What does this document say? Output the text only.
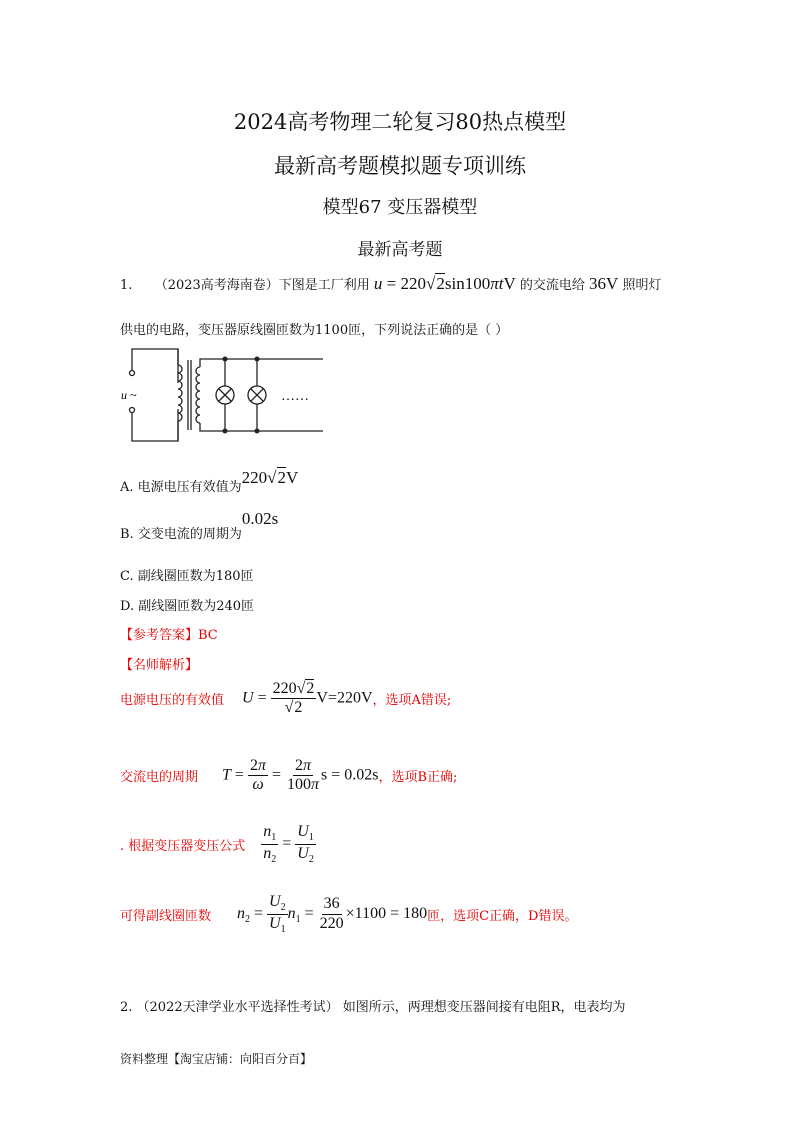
2024高考物理二轮复习80热点模型
最新高考题模拟题专项训练
模型67 变压器模型
最新高考题
1. （2023高考海南卷）下图是工厂利用 u = 220√2sin100πtV 的交流电给 36V 照明灯
供电的电路，变压器原线圈匝数为1100匝，下列说法正确的是（ ）
u ~	……
A. 电源电压有效值为220√2V
B. 交变电流的周期为0.02s
C. 副线圈匝数为180匝
D. 副线圈匝数为240匝
【参考答案】BC
【名师解析】
电源电压的有效值 $U = \frac{220√2}{√2} V=220V$ ，选项A错误;
交流电的周期 $T = \frac{2\pi}{\omega} = \frac{2\pi}{100\pi}$ s = 0.02s ，选项B正确;
. 根据变压器变压公式 $\frac{n_1}{n_2} = \frac{U_1}{U_2}$
可得副线圈匝数 $n_2 = \frac{U_2}{U_1} n_1 = \frac{36}{220} \times 1100 = 180$ 匝，选项C正确，D错误。
2. （2022天津学业水平选择性考试） 如图所示，两理想变压器间接有电阻R，电表均为
资料整理【淘宝店铺：向阳百分百】
